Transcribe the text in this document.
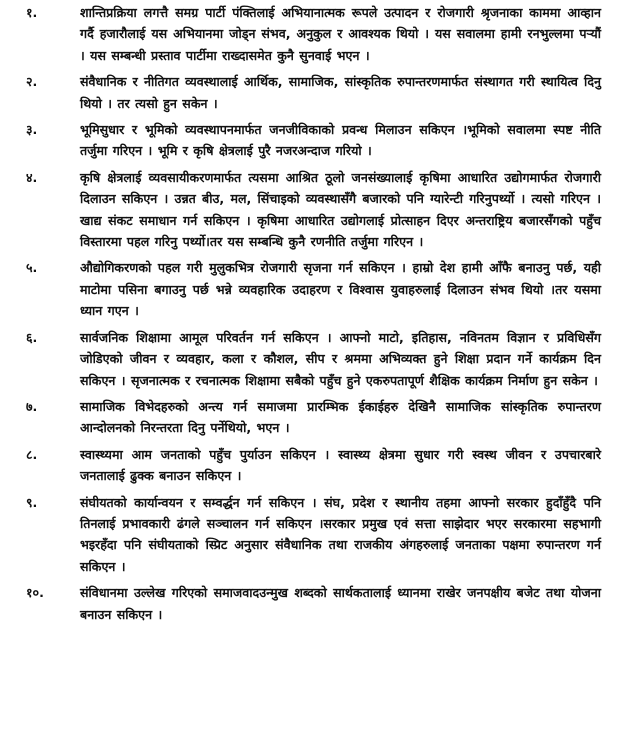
१.	शान्तिप्रक्रिया लगत्तै समग्र पार्टी पंक्तिलाई अभियानात्मक रूपले उत्पादन र रोजगारी श्रृजनाका काममा आव्हान गर्दै हजारौलाई यस अभियानमा जोड्न संभव, अनुकुल र आवश्यक थियो । यस सवालमा हामी रनभुल्लमा पर्‍यौं । यस सम्बन्धी प्रस्ताव पार्टीमा राख्दासमेत कुनै सुनवाई भएन ।
२.	संवैधानिक र नीतिगत व्यवस्थालाई आर्थिक, सामाजिक, सांस्कृतिक रुपान्तरणमार्फत संस्थागत गरी स्थायित्व दिनु थियो । तर त्यसो हुन सकेन ।
३.	भूमिसुधार र भूमिको व्यवस्थापनमार्फत जनजीविकाको प्रवन्ध मिलाउन सकिएन ।भूमिको सवालमा स्पष्ट नीति तर्जुमा गरिएन । भूमि र कृषि क्षेत्रलाई पुरै नजरअन्दाज गरियो ।
४.	कृषि क्षेत्रलाई व्यवसायीकरणमार्फत त्यसमा आश्रित ठूलो जनसंख्यालाई कृषिमा आधारित उद्योगमार्फत रोजगारी दिलाउन सकिएन । उन्नत बीउ, मल, सिंचाइको व्यवस्थासँगै बजारको पनि ग्यारेन्टी गरिनुपर्थ्यो । त्यसो गरिएन । खाद्य संकट समाधान गर्न सकिएन । कृषिमा आधारित उद्योगलाई प्रोत्साहन दिएर अन्तराष्ट्रिय बजारसँगको पहुँच विस्तारमा पहल गरिनु पर्थ्यो।तर यस सम्बन्धि कुनै रणनीति तर्जुमा गरिएन ।
५.	औद्योगिकरणको पहल गरी मुलुकभित्र रोजगारी सृजना गर्न सकिएन । हाम्रो देश हामी आँफै बनाउनु पर्छ, यही माटोमा पसिना बगाउनु पर्छ भन्ने व्यवहारिक उदाहरण र विश्वास युवाहरुलाई दिलाउन संभव थियो ।तर यसमा ध्यान गएन ।
६.	सार्वजनिक शिक्षामा आमूल परिवर्तन गर्न सकिएन । आफ्नो माटो, इतिहास, नविनतम विज्ञान र प्रविधिसँग जोडिएको जीवन र व्यवहार, कला र कौशल, सीप र श्रममा अभिव्यक्त हुने शिक्षा प्रदान गर्ने कार्यक्रम दिन सकिएन । सृजनात्मक र रचनात्मक शिक्षामा सबैको पहुँच हुने एकरुपतापूर्ण शैक्षिक कार्यक्रम निर्माण हुन सकेन ।
७.	सामाजिक विभेदहरुको अन्त्य गर्न समाजमा प्रारम्भिक ईकाईहरु देखिनै सामाजिक सांस्कृतिक रुपान्तरण आन्दोलनको निरन्तरता दिनु पर्नेथियो, भएन ।
८.	स्वास्थ्यमा आम जनताको पहुँच पुर्याउन सकिएन । स्वास्थ्य क्षेत्रमा सुधार गरी स्वस्थ जीवन र उपचारबारे जनतालाई ढुक्क बनाउन सकिएन ।
९.	संघीयतको कार्यान्वयन र सम्वर्द्धन गर्न सकिएन । संघ, प्रदेश र स्थानीय तहमा आफ्नो सरकार हुदाँहुँदै पनि तिनलाई प्रभावकारी ढंगले सञ्चालन गर्न सकिएन ।सरकार प्रमुख एवं सत्ता साझेदार भएर सरकारमा सहभागी भइरहँदा पनि संघीयताको स्प्रिट अनुसार संवैधानिक तथा राजकीय अंगहरुलाई जनताका पक्षमा रुपान्तरण गर्न सकिएन ।
१०.	संविधानमा उल्लेख गरिएको समाजवादउन्मुख शब्दको सार्थकतालाई ध्यानमा राखेर जनपक्षीय बजेट तथा योजना बनाउन सकिएन ।
